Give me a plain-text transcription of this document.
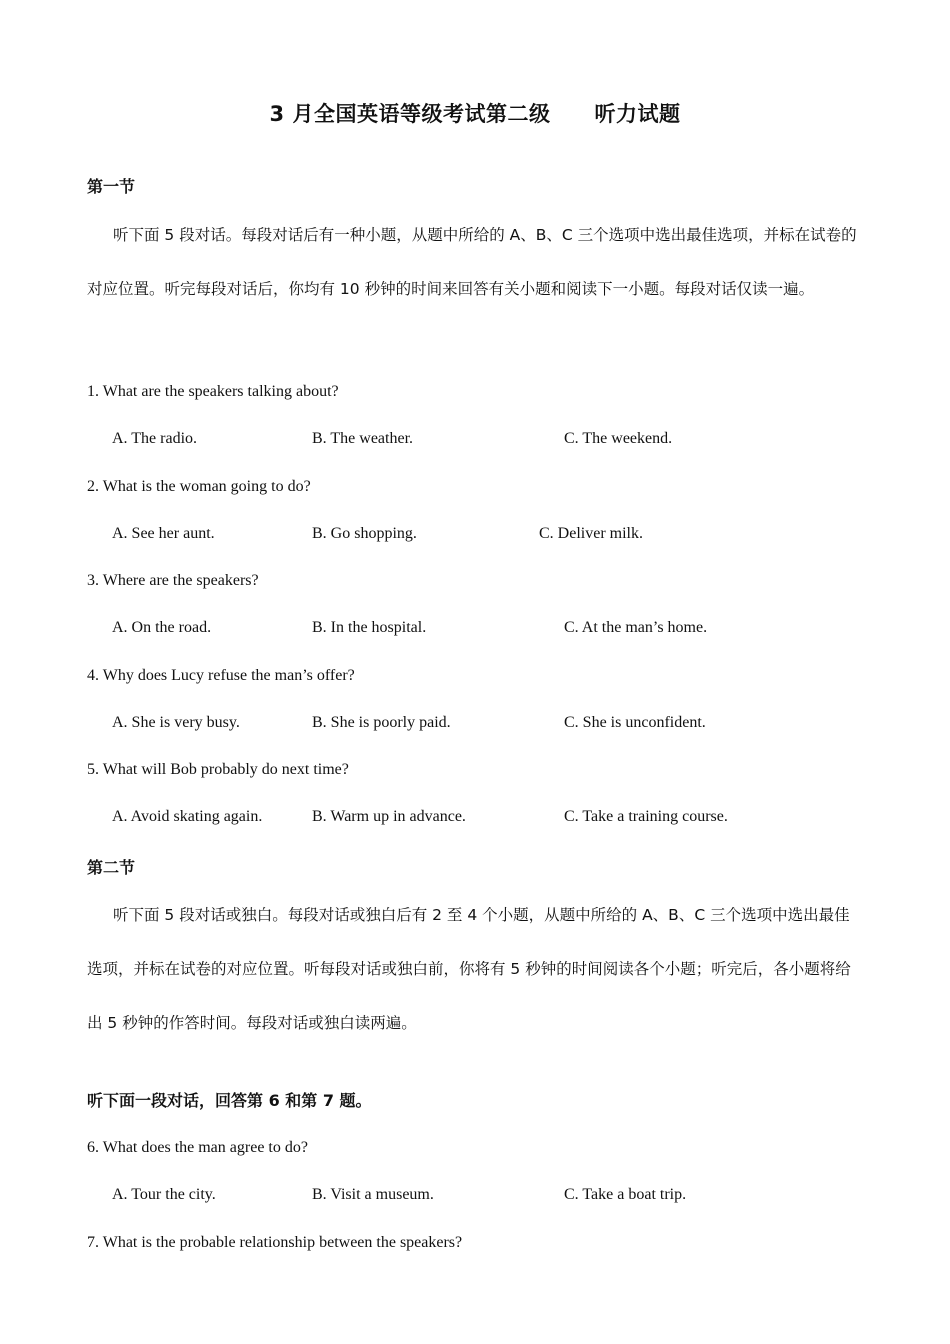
3 月全国英语等级考试第二级 听力试题
第一节
听下面 5 段对话。每段对话后有一种小题，从题中所给的 A、B、C 三个选项中选出最佳选项，并标在试卷的对应位置。听完每段对话后，你均有 10 秒钟的时间来回答有关小题和阅读下一小题。每段对话仅读一遍。
1. What are the speakers talking about?
A. The radio.	B. The weather.	C. The weekend.
2. What is the woman going to do?
A. See her aunt.	B. Go shopping.	C. Deliver milk.
3. Where are the speakers?
A. On the road.	B. In the hospital.	C. At the man’s home.
4. Why does Lucy refuse the man’s offer?
A. She is very busy.	B. She is poorly paid.	C. She is unconfident.
5. What will Bob probably do next time?
A. Avoid skating again.	B. Warm up in advance.	C. Take a training course.
第二节
听下面 5 段对话或独白。每段对话或独白后有 2 至 4 个小题，从题中所给的 A、B、C 三个选项中选出最佳选项，并标在试卷的对应位置。听每段对话或独白前，你将有 5 秒钟的时间阅读各个小题；听完后，各小题将给出 5 秒钟的作答时间。每段对话或独白读两遍。
听下面一段对话，回答第 6 和第 7 题。
6. What does the man agree to do?
A. Tour the city.	B. Visit a museum.	C. Take a boat trip.
7. What is the probable relationship between the speakers?
